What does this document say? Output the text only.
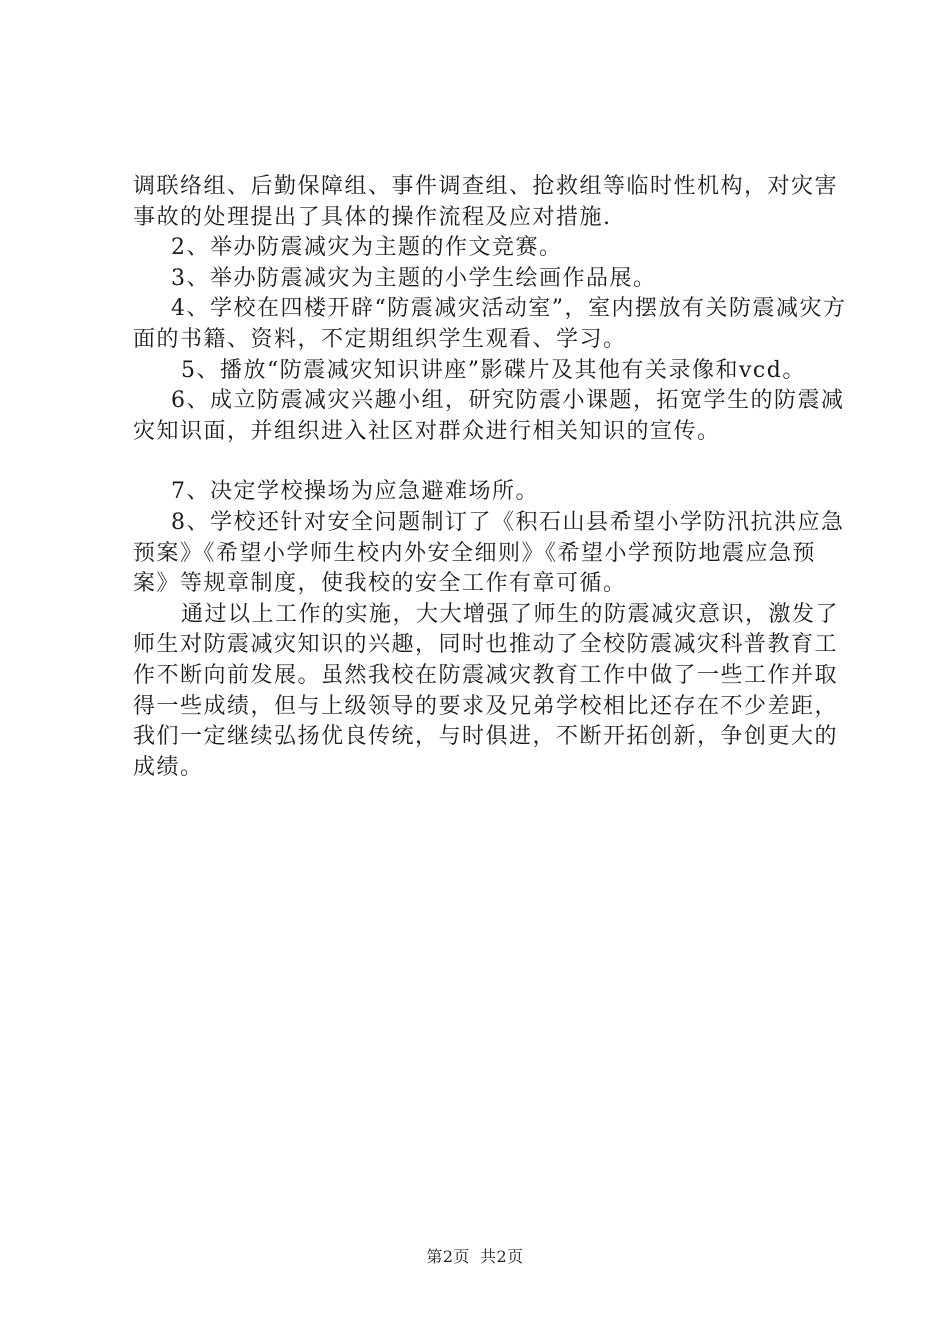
调联络组、后勤保障组、事件调查组、抢救组等临时性机构，对灾害事故的处理提出了具体的操作流程及应对措施.

2、举办防震减灾为主题的作文竞赛。

3、举办防震减灾为主题的小学生绘画作品展。

4、学校在四楼开辟“防震减灾活动室”，室内摆放有关防震减灾方面的书籍、资料，不定期组织学生观看、学习。

5、播放“防震减灾知识讲座”影碟片及其他有关录像和vcd。

6、成立防震减灾兴趣小组，研究防震小课题，拓宽学生的防震减灾知识面，并组织进入社区对群众进行相关知识的宣传。

7、决定学校操场为应急避难场所。

8、学校还针对安全问题制订了《积石山县希望小学防汛抗洪应急预案》《希望小学师生校内外安全细则》《希望小学预防地震应急预案》等规章制度，使我校的安全工作有章可循。

通过以上工作的实施，大大增强了师生的防震减灾意识，激发了师生对防震减灾知识的兴趣，同时也推动了全校防震减灾科普教育工作不断向前发展。虽然我校在防震减灾教育工作中做了一些工作并取得一些成绩，但与上级领导的要求及兄弟学校相比还存在不少差距，我们一定继续弘扬优良传统，与时俱进，不断开拓创新，争创更大的成绩。

第2页 共2页
